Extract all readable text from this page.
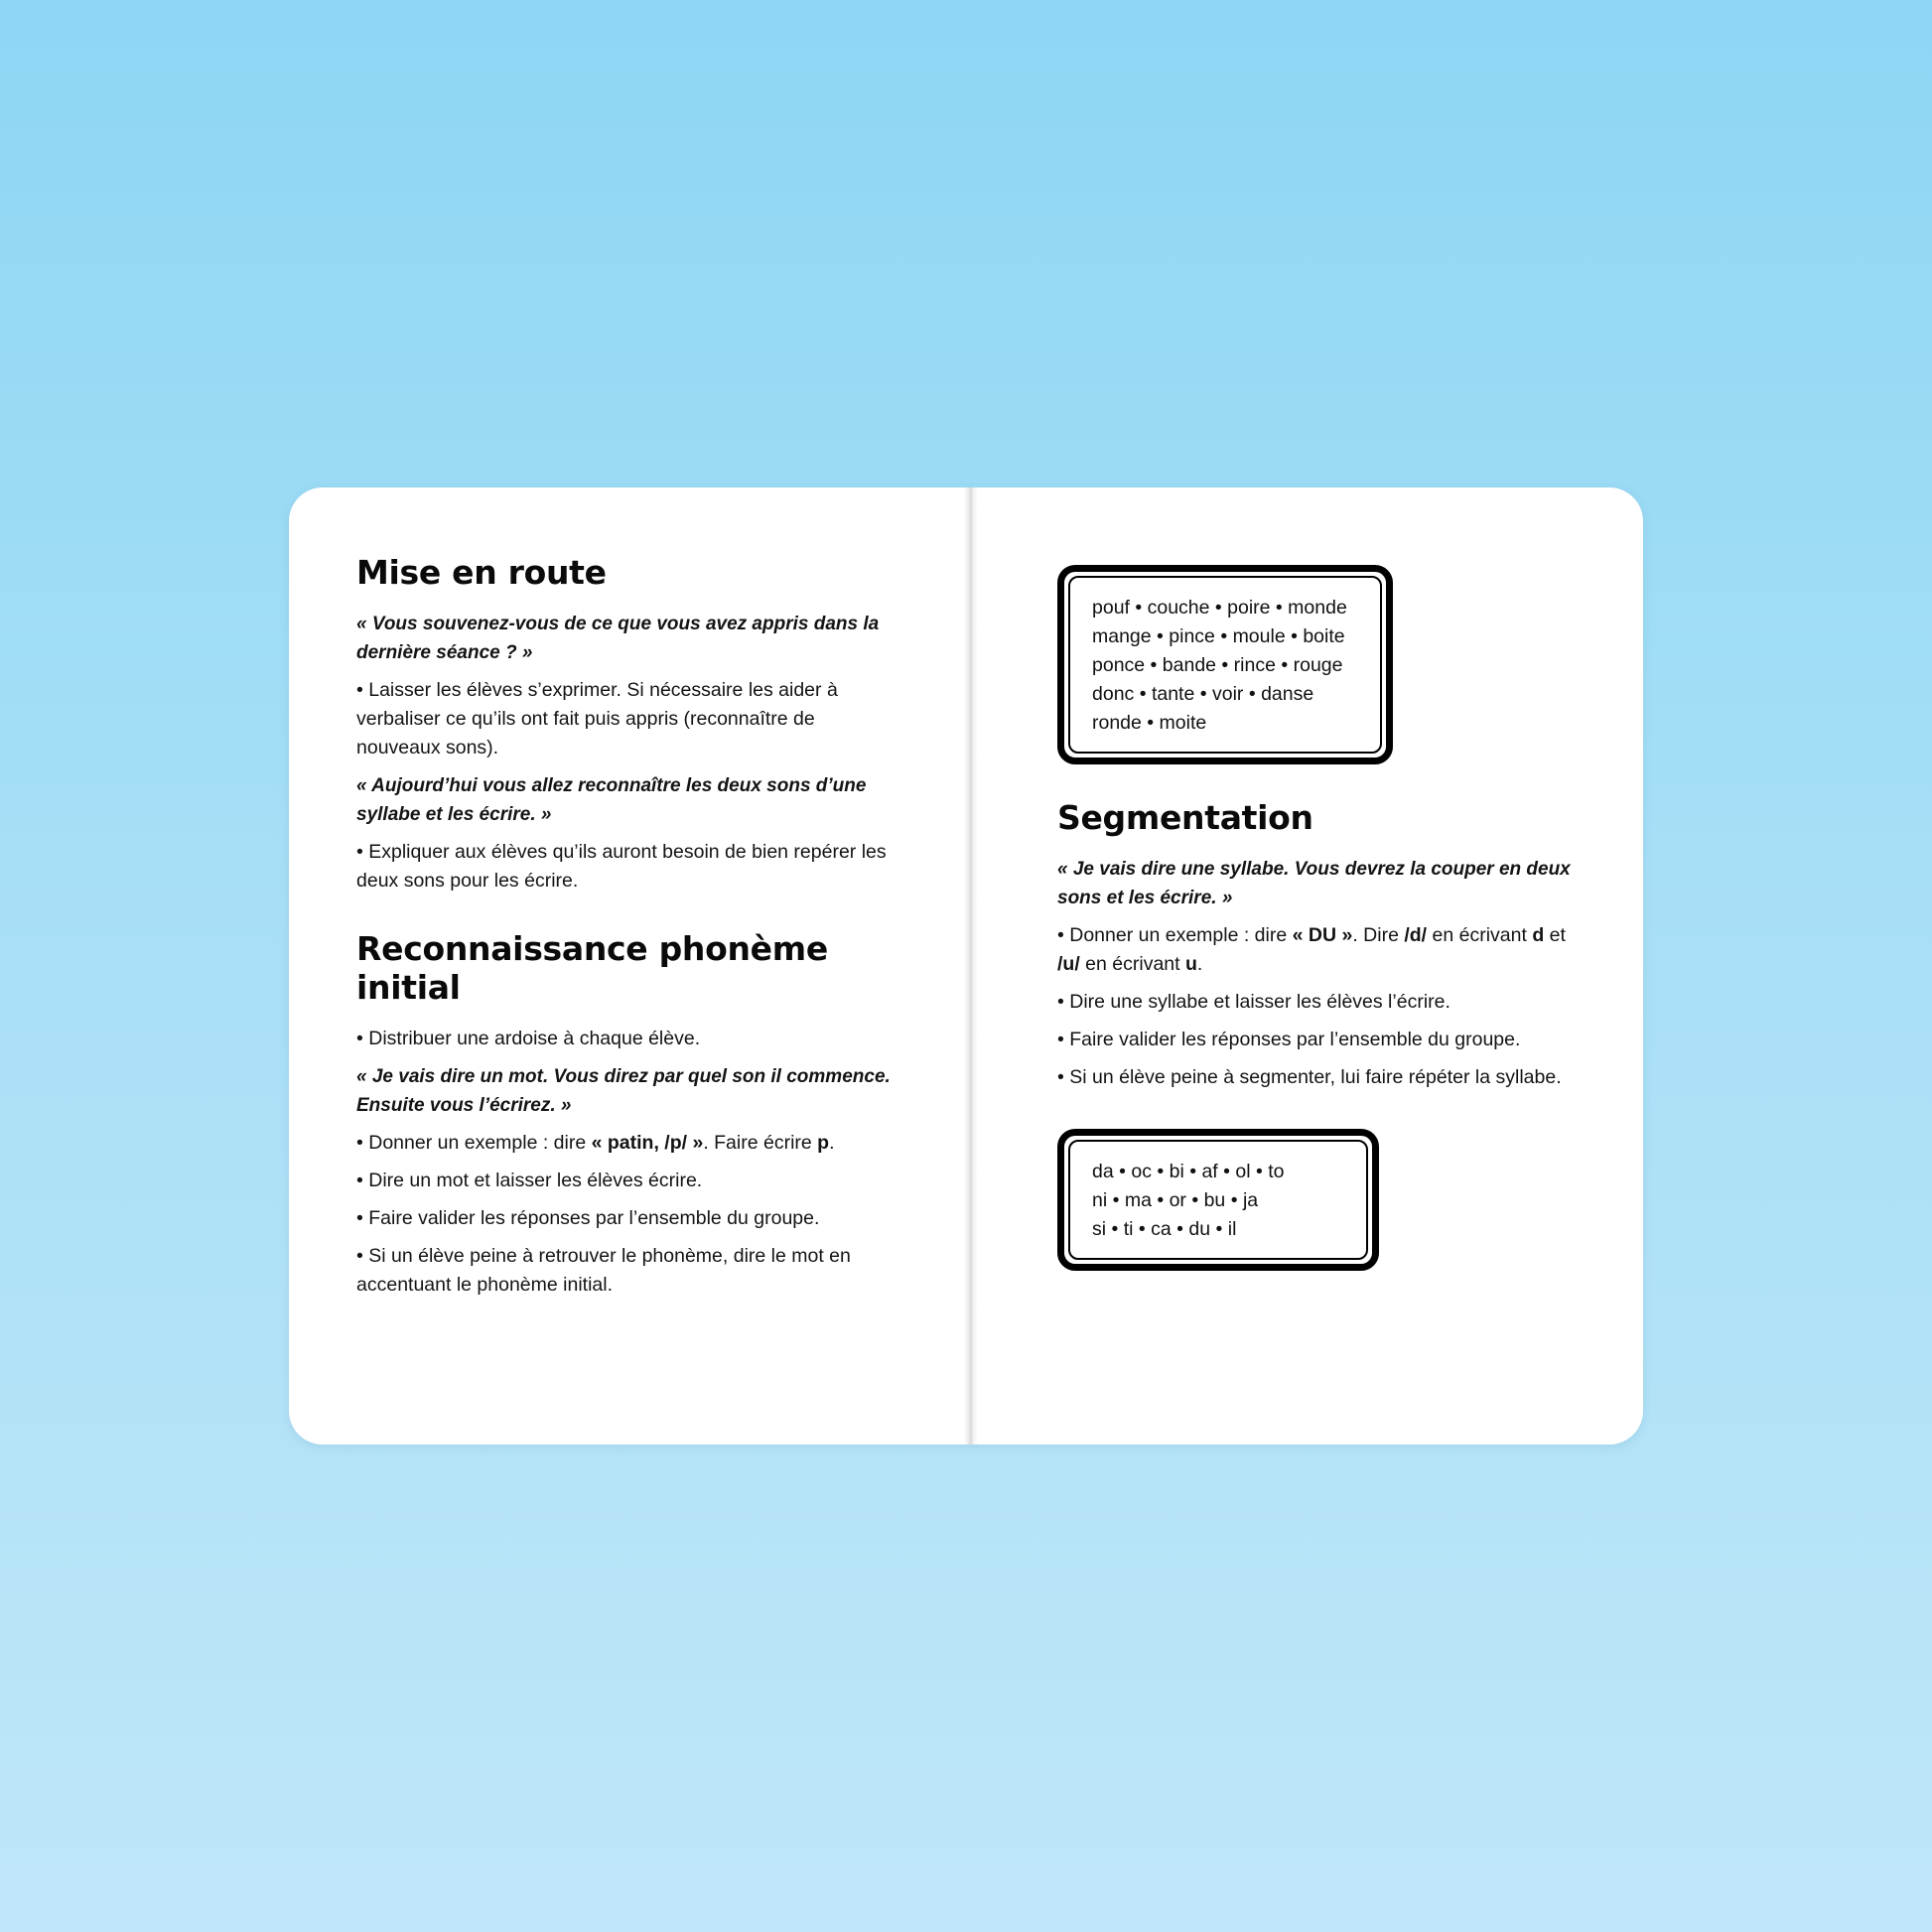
Mise en route

« Vous souvenez-vous de ce que vous avez appris dans la dernière séance ? »

• Laisser les élèves s’exprimer. Si nécessaire les aider à verbaliser ce qu’ils ont fait puis appris (reconnaître de nouveaux sons).

« Aujourd’hui vous allez reconnaître les deux sons d’une syllabe et les écrire. »

• Expliquer aux élèves qu’ils auront besoin de bien repérer les deux sons pour les écrire.

Reconnaissance phonème initial

• Distribuer une ardoise à chaque élève.

« Je vais dire un mot. Vous direz par quel son il commence. Ensuite vous l’écrirez. »

• Donner un exemple : dire « patin, /p/ ». Faire écrire p.

• Dire un mot et laisser les élèves écrire.

• Faire valider les réponses par l’ensemble du groupe.

• Si un élève peine à retrouver le phonème, dire le mot en accentuant le phonème initial.

pouf • couche • poire • monde
mange • pince • moule • boite
ponce • bande • rince • rouge
donc • tante • voir • danse
ronde • moite
Segmentation

« Je vais dire une syllabe. Vous devrez la couper en deux sons et les écrire. »

• Donner un exemple : dire « DU ». Dire /d/ en écrivant d et /u/ en écrivant u.

• Dire une syllabe et laisser les élèves l’écrire.

• Faire valider les réponses par l’ensemble du groupe.

• Si un élève peine à segmenter, lui faire répéter la syllabe.

da • oc • bi • af • ol • to
ni • ma • or • bu • ja
si • ti • ca • du • il
